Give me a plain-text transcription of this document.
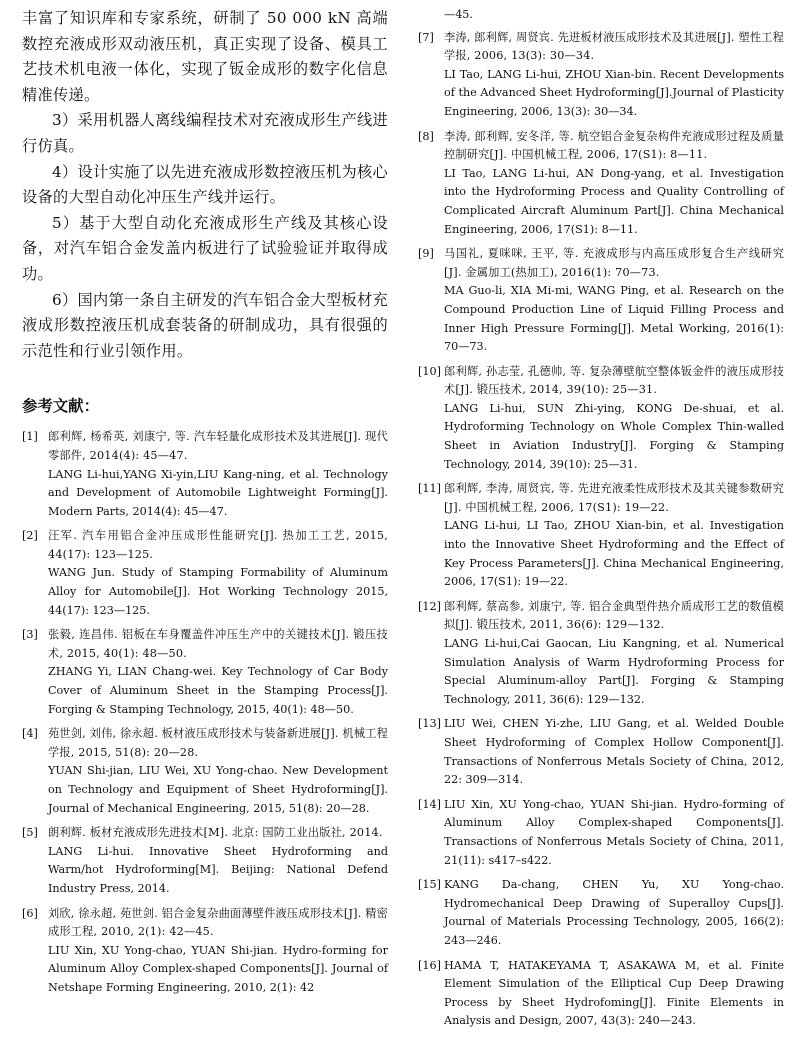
丰富了知识库和专家系统，研制了 50 000 kN 高端数控充液成形双动液压机，真正实现了设备、模具工艺技术机电液一体化，实现了钣金成形的数字化信息精准传递。

3）采用机器人离线编程技术对充液成形生产线进行仿真。

4）设计实施了以先进充液成形数控液压机为核心设备的大型自动化冲压生产线并运行。

5）基于大型自动化充液成形生产线及其核心设备，对汽车铝合金发盖内板进行了试验验证并取得成功。

6）国内第一条自主研发的汽车铝合金大型板材充液成形数控液压机成套装备的研制成功，具有很强的示范性和行业引领作用。

参考文献：
[1] 郎利辉, 杨希英, 刘康宁, 等. 汽车轻量化成形技术及其进展[J]. 现代零部件, 2014(4): 45—47.

LANG Li-hui,YANG Xi-yin,LIU Kang-ning, et al. Technology and Development of Automobile Lightweight Forming[J]. Modern Parts, 2014(4): 45—47.

[2] 汪军. 汽车用铝合金冲压成形性能研究[J]. 热加工工艺, 2015, 44(17): 123—125.

WANG Jun. Study of Stamping Formability of Aluminum Alloy for Automobile[J]. Hot Working Technology 2015, 44(17): 123—125.

[3] 张毅, 连昌伟. 铝板在车身覆盖件冲压生产中的关键技术[J]. 锻压技术, 2015, 40(1): 48—50.

ZHANG Yi, LIAN Chang-wei. Key Technology of Car Body Cover of Aluminum Sheet in the Stamping Process[J]. Forging & Stamping Technology, 2015, 40(1): 48—50.

[4] 苑世剑, 刘伟, 徐永超. 板材液压成形技术与装备新进展[J]. 机械工程学报, 2015, 51(8): 20—28.

YUAN Shi-jian, LIU Wei, XU Yong-chao. New Development on Technology and Equipment of Sheet Hydroforming[J]. Journal of Mechanical Engineering, 2015, 51(8): 20—28.

[5] 朗利辉. 板材充液成形先进技术[M]. 北京: 国防工业出版社, 2014.

LANG Li-hui. Innovative Sheet Hydroforming and Warm/hot Hydroforming[M]. Beijing: National Defend Industry Press, 2014.

[6] 刘欣, 徐永超, 苑世剑. 铝合金复杂曲面薄壁件液压成形技术[J]. 精密成形工程, 2010, 2(1): 42—45.

LIU Xin, XU Yong-chao, YUAN Shi-jian. Hydro-forming for Aluminum Alloy Complex-shaped Components[J]. Journal of Netshape Forming Engineering, 2010, 2(1): 42

—45.

[7] 李涛, 郎利辉, 周贤宾. 先进板材液压成形技术及其进展[J]. 塑性工程学报, 2006, 13(3): 30—34.

LI Tao, LANG Li-hui, ZHOU Xian-bin. Recent Developments of the Advanced Sheet Hydroforming[J].Journal of Plasticity Engineering, 2006, 13(3): 30—34.

[8] 李涛, 郎利辉, 安冬洋, 等. 航空铝合金复杂构件充液成形过程及质量控制研究[J]. 中国机械工程, 2006, 17(S1): 8—11.

LI Tao, LANG Li-hui, AN Dong-yang, et al. Investigation into the Hydroforming Process and Quality Controlling of Complicated Aircraft Aluminum Part[J]. China Mechanical Engineering, 2006, 17(S1): 8—11.

[9] 马国礼, 夏咪咪, 王平, 等. 充液成形与内高压成形复合生产线研究[J]. 金属加工(热加工), 2016(1): 70—73.

MA Guo-li, XIA Mi-mi, WANG Ping, et al. Research on the Compound Production Line of Liquid Filling Process and Inner High Pressure Forming[J]. Metal Working, 2016(1): 70—73.

[10] 郎利辉, 孙志莹, 孔德帅, 等. 复杂薄壁航空整体钣金件的液压成形技术[J]. 锻压技术, 2014, 39(10): 25—31.

LANG Li-hui, SUN Zhi-ying, KONG De-shuai, et al. Hydroforming Technology on Whole Complex Thin-walled Sheet in Aviation Industry[J]. Forging & Stamping Technology, 2014, 39(10): 25—31.

[11] 郎利辉, 李涛, 周贤宾, 等. 先进充液柔性成形技术及其关键参数研究[J]. 中国机械工程, 2006, 17(S1): 19—22.

LANG Li-hui, LI Tao, ZHOU Xian-bin, et al. Investigation into the Innovative Sheet Hydroforming and the Effect of Key Process Parameters[J]. China Mechanical Engineering, 2006, 17(S1): 19—22.

[12] 郎利辉, 蔡高参, 刘康宁, 等. 铝合金典型件热介质成形工艺的数值模拟[J]. 锻压技术, 2011, 36(6): 129—132.

LANG Li-hui,Cai Gaocan, Liu Kangning, et al. Numerical Simulation Analysis of Warm Hydroforming Process for Special Aluminum-alloy Part[J]. Forging & Stamping Technology, 2011, 36(6): 129—132.

[13] LIU Wei, CHEN Yi-zhe, LIU Gang, et al. Welded Double Sheet Hydroforming of Complex Hollow Component[J]. Transactions of Nonferrous Metals Society of China, 2012, 22: 309—314.

[14] LIU Xin, XU Yong-chao, YUAN Shi-jian. Hydro-forming of Aluminum Alloy Complex-shaped Components[J]. Transactions of Nonferrous Metals Society of China, 2011, 21(11): s417–s422.

[15] KANG Da-chang, CHEN Yu, XU Yong-chao. Hydromechanical Deep Drawing of Superalloy Cups[J]. Journal of Materials Processing Technology, 2005, 166(2): 243—246.

[16] HAMA T, HATAKEYAMA T, ASAKAWA M, et al. Finite Element Simulation of the Elliptical Cup Deep Drawing Process by Sheet Hydrofoming[J]. Finite Elements in Analysis and Design, 2007, 43(3): 240—243.
